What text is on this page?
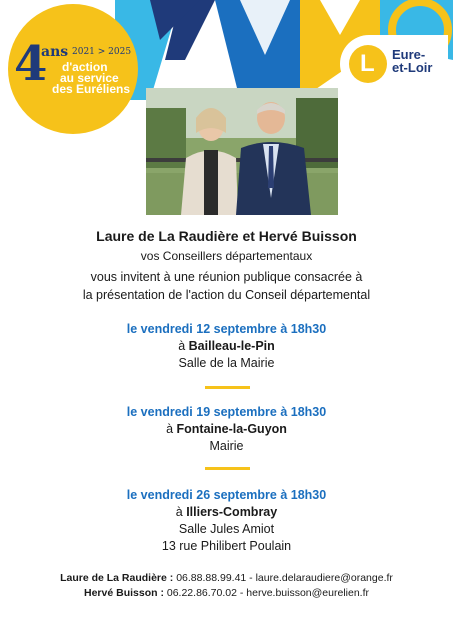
2021 > 2025
4
ans
d'action
au service
des Euréliens
L Eure-
et-Loir
Laure de La Raudière et Hervé Buisson
vos Conseillers départementaux
vous invitent à une réunion publique consacrée à
la présentation de l'action du Conseil départemental
le vendredi 12 septembre à 18h30
à Bailleau-le-Pin
Salle de la Mairie
le vendredi 19 septembre à 18h30
à Fontaine-la-Guyon
Mairie
le vendredi 26 septembre à 18h30
à Illiers-Combray
Salle Jules Amiot
13 rue Philibert Poulain
Laure de La Raudière : 06.88.88.99.41 - laure.delaraudiere@orange.fr
Hervé Buisson : 06.22.86.70.02 - herve.buisson@eurelien.fr
